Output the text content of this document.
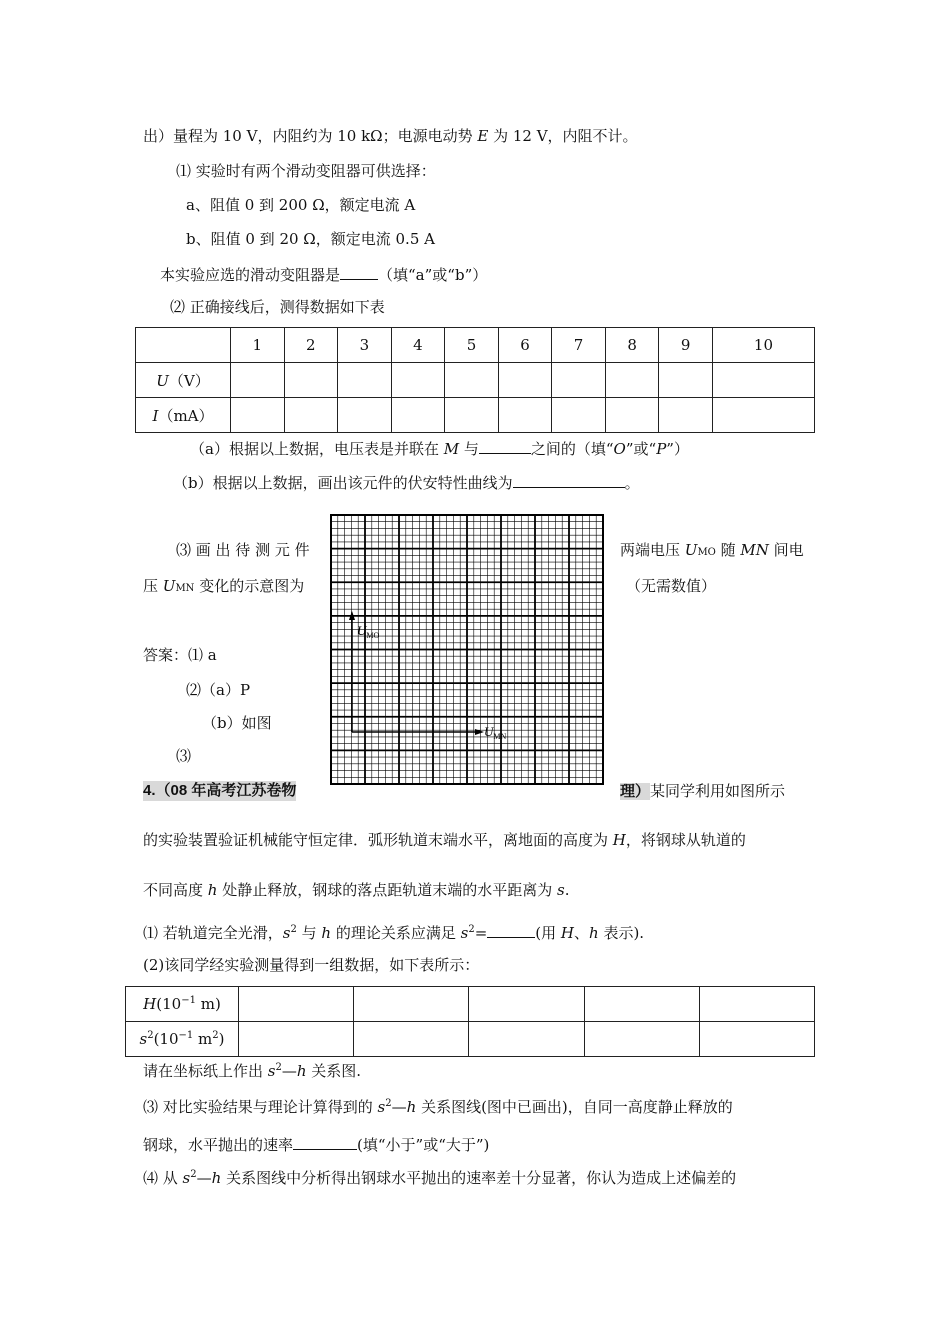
出）量程为 10 V，内阻约为 10 kΩ；电源电动势 E 为 12 V，内阻不计。
⑴ 实验时有两个滑动变阻器可供选择：
a、阻值 0 到 200 Ω，额定电流 A
b、阻值 0 到 20 Ω，额定电流 0.5 A
本实验应选的滑动变阻器是	（填“a”或“b”）
⑵ 正确接线后，测得数据如下表
	1	2	3	4	5	6	7	8	9	10
U（V）										
I（mA）										
（a）根据以上数据，电压表是并联在 M 与	之间的（填“O”或“P”）
（b）根据以上数据，画出该元件的伏安特性曲线为	。
⑶ 画 出 待 测 元 件
压 UMN 变化的示意图为
两端电压 UMO 随 MN 间电
（无需数值）
$U_{MO}$
$U_{MN}$
答案：⑴ a
⑵（a）P
（b）如图
⑶
4.（08 年高考江苏卷物	理）某同学利用如图所示
的实验装置验证机械能守恒定律．弧形轨道末端水平，离地面的高度为 H，将钢球从轨道的
不同高度 h 处静止释放，钢球的落点距轨道末端的水平距离为 s.
⑴ 若轨道完全光滑，$s^2$ 与 h 的理论关系应满足 $s^2=$	(用 H、h 表示).
(2)该同学经实验测量得到一组数据，如下表所示：
$H(10^{-1}$ m)					
$s^2(10^{-1}$ $m^2$)					
请在坐标纸上作出 $s^2—h$ 关系图.
⑶ 对比实验结果与理论计算得到的 $s^2—h$ 关系图线(图中已画出)，自同一高度静止释放的
钢球，水平抛出的速率	(填“小于”或“大于”)
⑷ 从 $s^2—h$ 关系图线中分析得出钢球水平抛出的速率差十分显著，你认为造成上述偏差的
